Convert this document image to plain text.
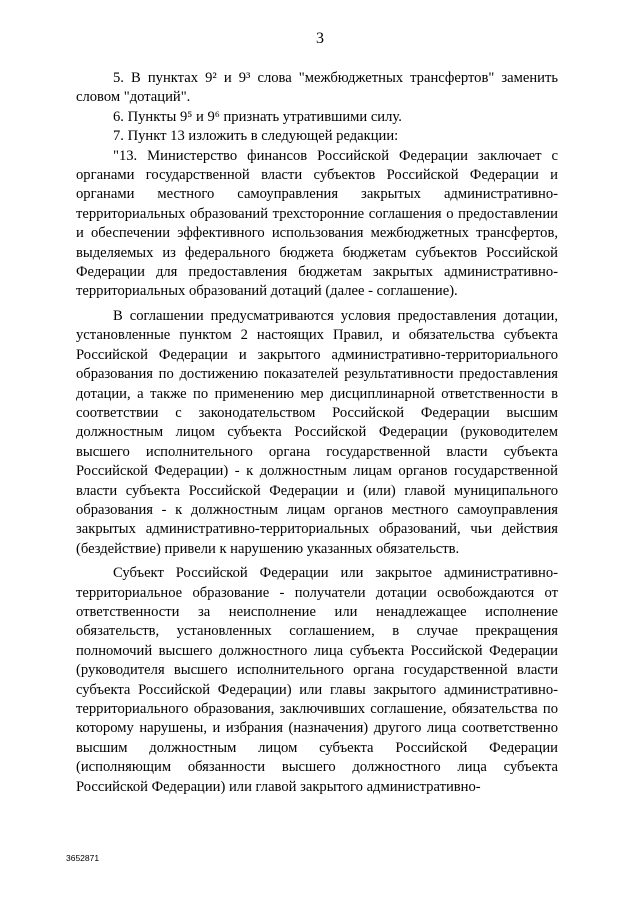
3

5. В пунктах 9² и 9³ слова "межбюджетных трансфертов" заменить словом "дотаций".

6. Пункты 9⁵ и 9⁶ признать утратившими силу.

7. Пункт 13 изложить в следующей редакции:

"13. Министерство финансов Российской Федерации заключает с органами государственной власти субъектов Российской Федерации и органами местного самоуправления закрытых административно-территориальных образований трехсторонние соглашения о предоставлении и обеспечении эффективного использования межбюджетных трансфертов, выделяемых из федерального бюджета бюджетам субъектов Российской Федерации для предоставления бюджетам закрытых административно-территориальных образований дотаций (далее - соглашение).

В соглашении предусматриваются условия предоставления дотации, установленные пунктом 2 настоящих Правил, и обязательства субъекта Российской Федерации и закрытого административно-территориального образования по достижению показателей результативности предоставления дотации, а также по применению мер дисциплинарной ответственности в соответствии с законодательством Российской Федерации высшим должностным лицом субъекта Российской Федерации (руководителем высшего исполнительного органа государственной власти субъекта Российской Федерации) - к должностным лицам органов государственной власти субъекта Российской Федерации и (или) главой муниципального образования - к должностным лицам органов местного самоуправления закрытых административно-территориальных образований, чьи действия (бездействие) привели к нарушению указанных обязательств.

Субъект Российской Федерации или закрытое административно-территориальное образование - получатели дотации освобождаются от ответственности за неисполнение или ненадлежащее исполнение обязательств, установленных соглашением, в случае прекращения полномочий высшего должностного лица субъекта Российской Федерации (руководителя высшего исполнительного органа государственной власти субъекта Российской Федерации) или главы закрытого административно-территориального образования, заключивших соглашение, обязательства по которому нарушены, и избрания (назначения) другого лица соответственно высшим должностным лицом субъекта Российской Федерации (исполняющим обязанности высшего должностного лица субъекта Российской Федерации) или главой закрытого административно-

3652871
